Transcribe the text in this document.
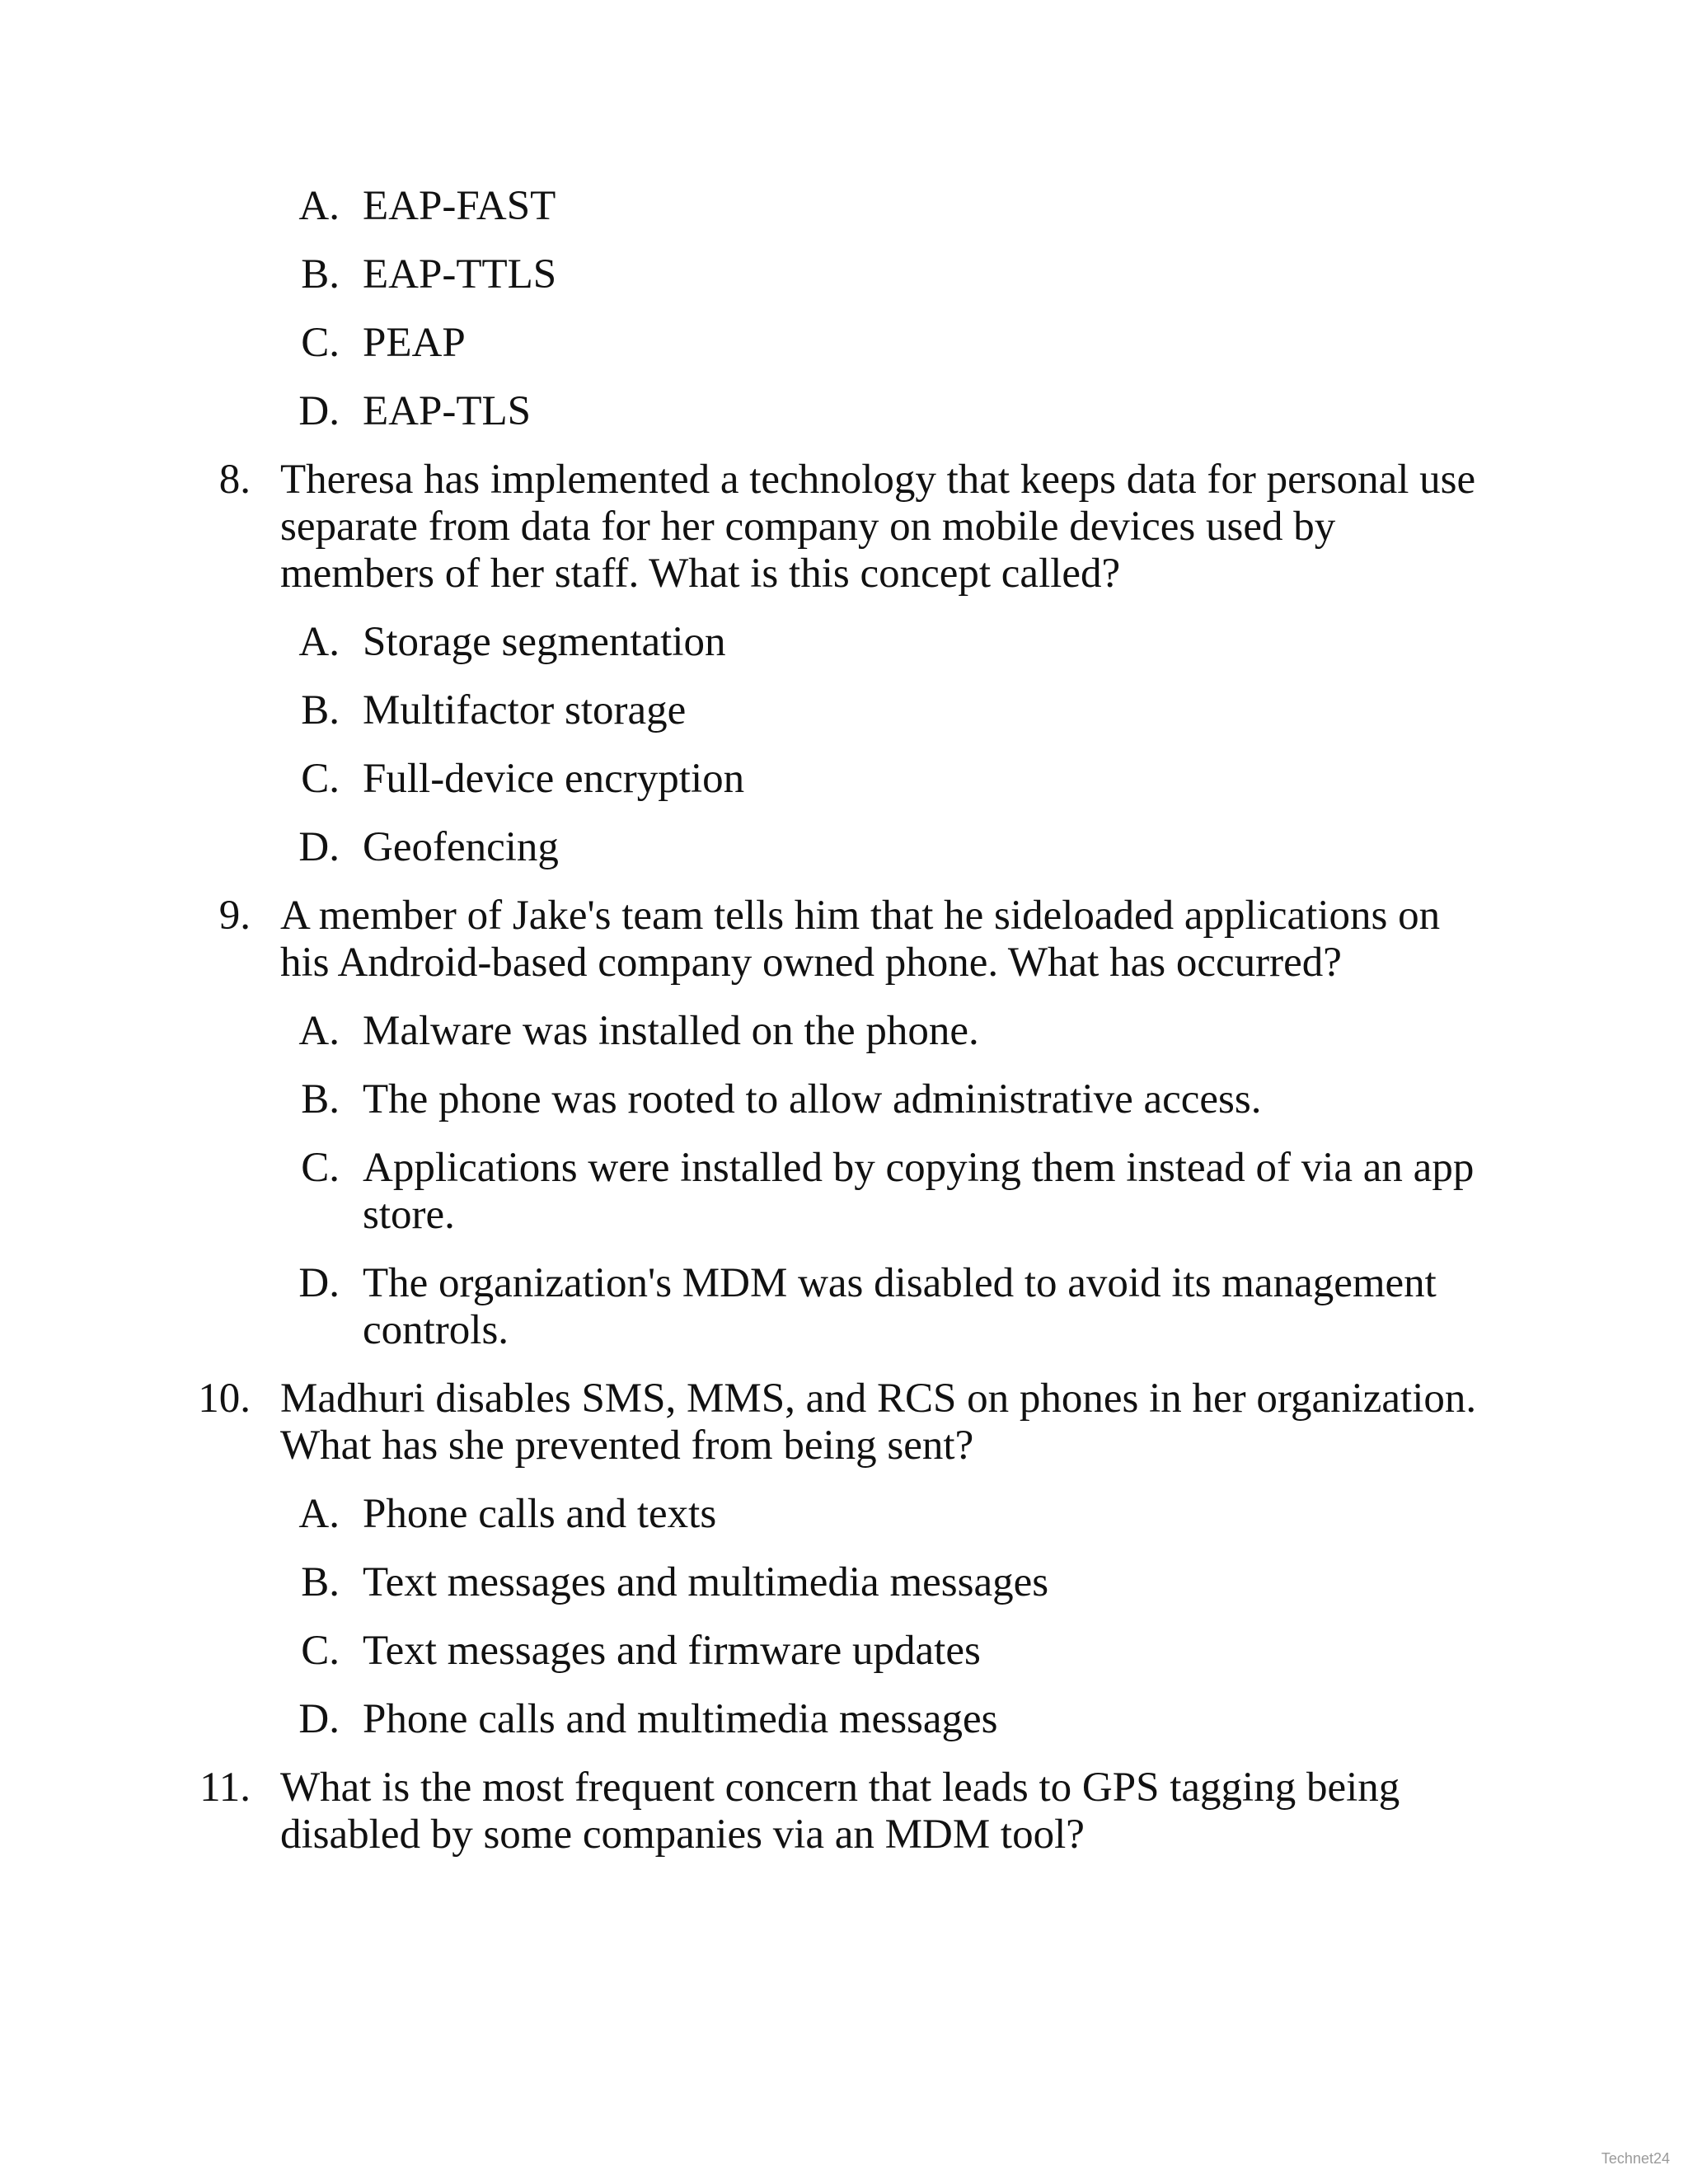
A. EAP-FAST
B. EAP-TTLS
C. PEAP
D. EAP-TLS
8. Theresa has implemented a technology that keeps data for personal use separate from data for her company on mobile devices used by members of her staff. What is this concept called?
A. Storage segmentation
B. Multifactor storage
C. Full-device encryption
D. Geofencing
9. A member of Jake's team tells him that he sideloaded applications on his Android-based company owned phone. What has occurred?
A. Malware was installed on the phone.
B. The phone was rooted to allow administrative access.
C. Applications were installed by copying them instead of via an app store.
D. The organization's MDM was disabled to avoid its management controls.
10. Madhuri disables SMS, MMS, and RCS on phones in her organization. What has she prevented from being sent?
A. Phone calls and texts
B. Text messages and multimedia messages
C. Text messages and firmware updates
D. Phone calls and multimedia messages
11. What is the most frequent concern that leads to GPS tagging being disabled by some companies via an MDM tool?
Technet24
